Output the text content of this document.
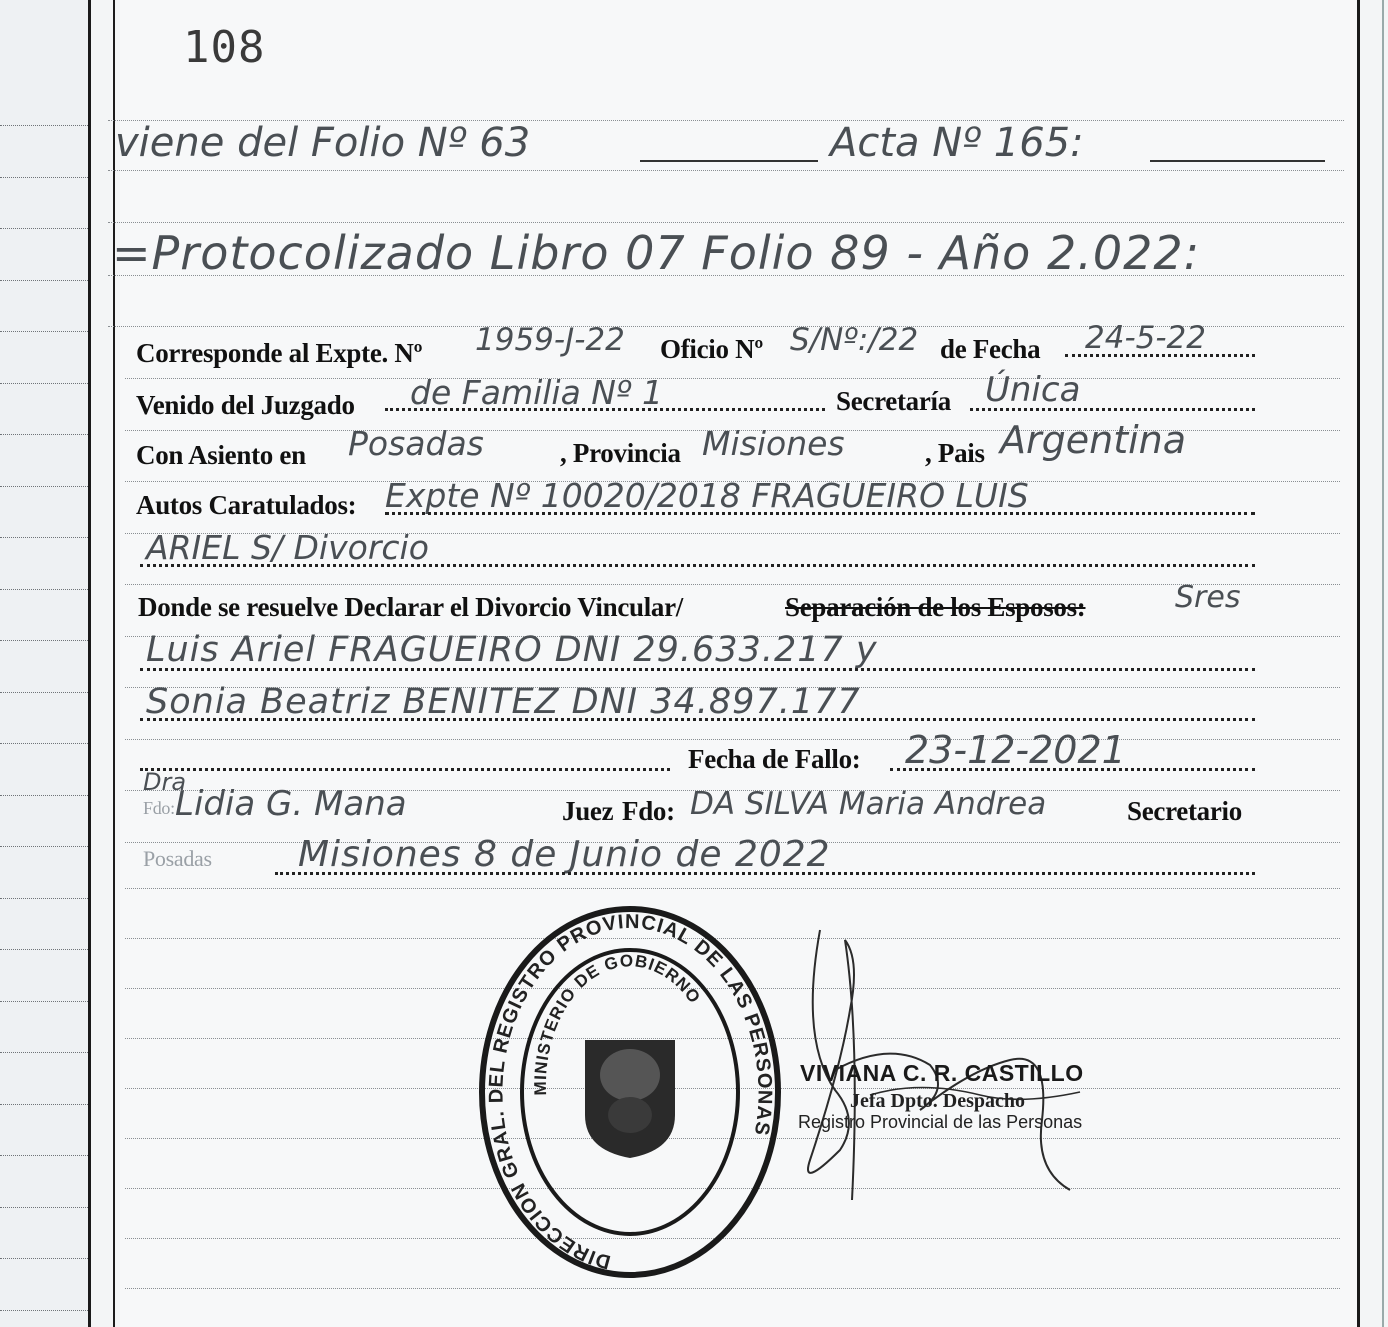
108
viene del Folio Nº 63	Acta Nº 165:
=Protocolizado Libro 07 Folio 89 - Año 2.022:
Corresponde al Expte. Nº 1959-J-22 Oficio Nº S/Nº:/22 de Fecha 24-5-22
Venido del Juzgado de Familia Nº 1	Secretaría Única
Con Asiento en Posadas	, Provincia Misiones	, Pais Argentina
Autos Caratulados: Expte Nº 10020/2018 FRAGUEIRO LUIS
ARIEL S/ Divorcio
Donde se resuelve Declarar el Divorcio Vincular/	Separación de los Esposos:	Sres
Luis Ariel FRAGUEIRO DNI 29.633.217 y
Sonia Beatriz BENITEZ DNI 34.897.177
Fecha de Fallo: 23-12-2021
Dra
Fdo: Lidia G. Mana	Juez Fdo: DA SILVA Maria Andrea	Secretario
Posadas Misiones 8 de Junio de 2022
DIRECCION GRAL. DEL REGISTRO PROVINCIAL DE LAS PERSONAS
MINISTERIO DE GOBIERNO
VIVIANA C. R. CASTILLO
Jefa Dpto. Despacho
Registro Provincial de las Personas
